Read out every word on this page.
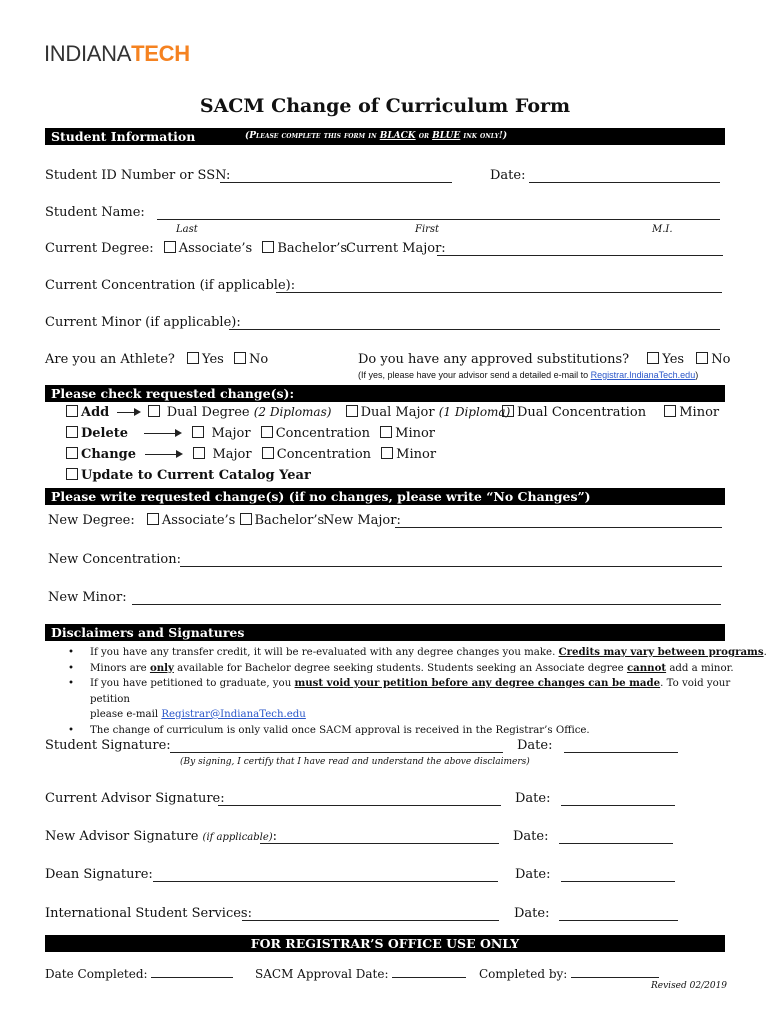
INDIANATECH
SACM Change of Curriculum Form
Student Information	(Please complete this form in BLACK or BLUE ink only!)
Student ID Number or SSN:	Date:
Student Name:
Last	First	M.I.
Current Degree: Associate’s Bachelor’s Current Major:
Current Concentration (if applicable):
Current Minor (if applicable):
Are you an Athlete? Yes No	Do you have any approved substitutions?	Yes No
(If yes, please have your advisor send a detailed e-mail to Registrar.IndianaTech.edu)
Please check requested change(s):
Add	Dual Degree (2 Diplomas) Dual Major (1 Diploma) Dual Concentration	Minor
Delete	Major Concentration Minor
Change	Major Concentration Minor
Update to Current Catalog Year
Please write requested change(s) (if no changes, please write “No Changes”)
New Degree: Associate’s Bachelor’s
New Major:
New Concentration:
New Minor:
Disclaimers and Signatures
• If you have any transfer credit, it will be re-evaluated with any degree changes you make. Credits may vary between programs.
• Minors are only available for Bachelor degree seeking students. Students seeking an Associate degree cannot add a minor.
• If you have petitioned to graduate, you must void your petition before any degree changes can be made. To void your petition
please e-mail Registrar@IndianaTech.edu
• The change of curriculum is only valid once SACM approval is received in the Registrar’s Office.
Student Signature:	Date:
(By signing, I certify that I have read and understand the above disclaimers)
Current Advisor Signature:	Date:
New Advisor Signature (if applicable):	Date:
Dean Signature:	Date:
International Student Services:	Date:
FOR REGISTRAR’S OFFICE USE ONLY
Date Completed:	SACM Approval Date:	Completed by:
Revised 02/2019
